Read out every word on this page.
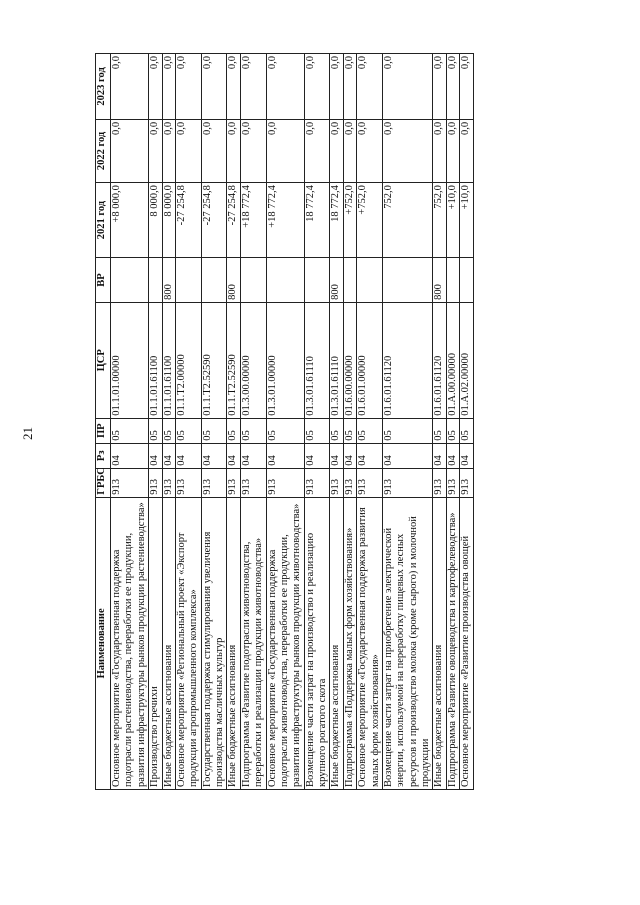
21
Наименование	ГРБС	Рз	ПР	ЦСР	ВР	2021 год	2022 год	2023 год
Основное мероприятие «Государственная поддержка подотрасли растениеводства, переработки ее продукции, развития инфраструктуры рынков продукции растениеводства»	913	04	05	01.1.01.00000		+8 000,0	0,0	0,0
Производство гречихи	913	04	05	01.1.01.61100		8 000,0	0,0	0,0
Иные бюджетные ассигнования	913	04	05	01.1.01.61100	800	8 000,0	0,0	0,0
Основное мероприятие «Региональный проект «Экспорт продукции агропромышленного комплекса»	913	04	05	01.1.Т2.00000		-27 254,8	0,0	0,0
Государственная поддержка стимулирования увеличения производства масличных культур	913	04	05	01.1.Т2.52590		-27 254,8	0,0	0,0
Иные бюджетные ассигнования	913	04	05	01.1.Т2.52590	800	-27 254,8	0,0	0,0
Подпрограмма «Развитие подотрасли животноводства, переработки и реализации продукции животноводства»	913	04	05	01.3.00.00000		+18 772,4	0,0	0,0
Основное мероприятие «Государственная поддержка подотрасли животноводства, переработки ее продукции, развития инфраструктуры рынков продукции животноводства»	913	04	05	01.3.01.00000		+18 772,4	0,0	0,0
Возмещение части затрат на производство и реализацию крупного рогатого скота	913	04	05	01.3.01.61110		18 772,4	0,0	0,0
Иные бюджетные ассигнования	913	04	05	01.3.01.61110	800	18 772,4	0,0	0,0
Подпрограмма «Поддержка малых форм хозяйствования»	913	04	05	01.6.00.00000		+752,0	0,0	0,0
Основное мероприятие «Государственная поддержка развития малых форм хозяйствования»	913	04	05	01.6.01.00000		+752,0	0,0	0,0
Возмещение части затрат на приобретение электрической энергии, используемой на переработку пищевых лесных ресурсов и производство молока (кроме сырого) и молочной продукции	913	04	05	01.6.01.61120		752,0	0,0	0,0
Иные бюджетные ассигнования	913	04	05	01.6.01.61120	800	752,0	0,0	0,0
Подпрограмма «Развитие овощеводства и картофелеводства»	913	04	05	01.А.00.00000		+10,0	0,0	0,0
Основное мероприятие «Развитие производства овощей	913	04	05	01.А.02.00000		+10,0	0,0	0,0
